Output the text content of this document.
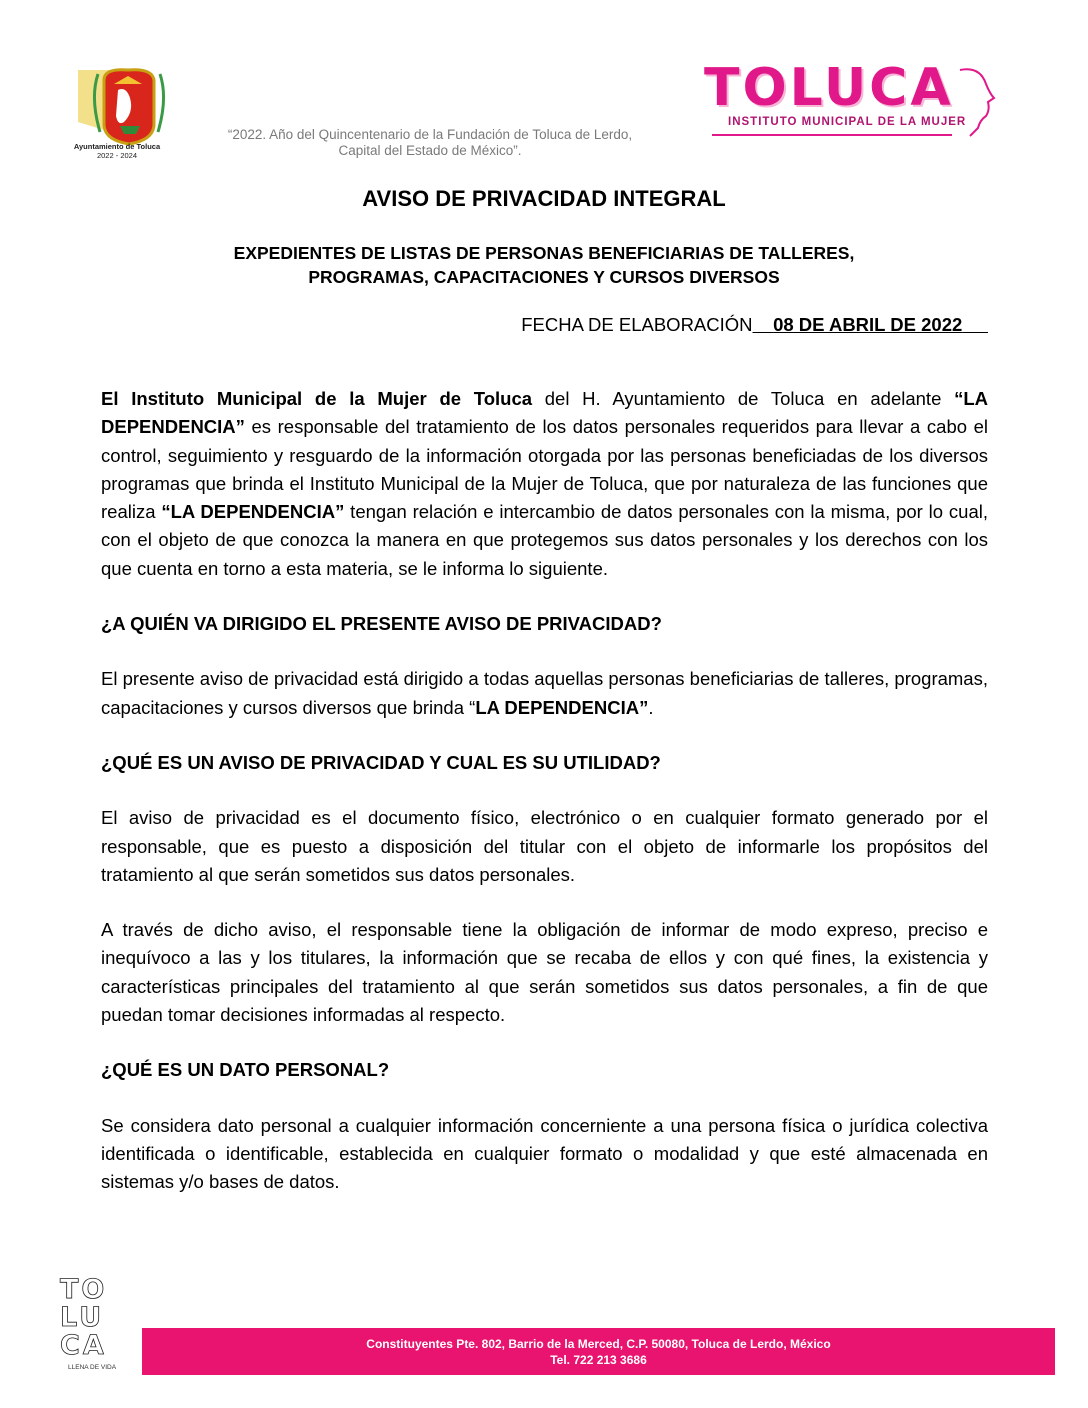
Ayuntamiento de Toluca
2022 - 2024
“2022. Año del Quincentenario de la Fundación de Toluca de Lerdo,
Capital del Estado de México”.
TOLUCA
INSTITUTO MUNICIPAL DE LA MUJER
AVISO DE PRIVACIDAD INTEGRAL
EXPEDIENTES DE LISTAS DE PERSONAS BENEFICIARIAS DE TALLERES,
PROGRAMAS, CAPACITACIONES Y CURSOS DIVERSOS
FECHA DE ELABORACIÓN 08 DE ABRIL DE 2022

El Instituto Municipal de la Mujer de Toluca del H. Ayuntamiento de Toluca en adelante “LA DEPENDENCIA” es responsable del tratamiento de los datos personales requeridos para llevar a cabo el control, seguimiento y resguardo de la información otorgada por las personas beneficiadas de los diversos programas que brinda el Instituto Municipal de la Mujer de Toluca, que por naturaleza de las funciones que realiza “LA DEPENDENCIA” tengan relación e intercambio de datos personales con la misma, por lo cual, con el objeto de que conozca la manera en que protegemos sus datos personales y los derechos con los que cuenta en torno a esta materia, se le informa lo siguiente.

¿A QUIÉN VA DIRIGIDO EL PRESENTE AVISO DE PRIVACIDAD?

El presente aviso de privacidad está dirigido a todas aquellas personas beneficiarias de talleres, programas, capacitaciones y cursos diversos que brinda “LA DEPENDENCIA”.

¿QUÉ ES UN AVISO DE PRIVACIDAD Y CUAL ES SU UTILIDAD?

El aviso de privacidad es el documento físico, electrónico o en cualquier formato generado por el responsable, que es puesto a disposición del titular con el objeto de informarle los propósitos del tratamiento al que serán sometidos sus datos personales.

A través de dicho aviso, el responsable tiene la obligación de informar de modo expreso, preciso e inequívoco a las y los titulares, la información que se recaba de ellos y con qué fines, la existencia y características principales del tratamiento al que serán sometidos sus datos personales, a fin de que puedan tomar decisiones informadas al respecto.

¿QUÉ ES UN DATO PERSONAL?

Se considera dato personal a cualquier información concerniente a una persona física o jurídica colectiva identificada o identificable, establecida en cualquier formato o modalidad y que esté almacenada en sistemas y/o bases de datos.

TO
LU
CA
LLENA DE VIDA
Constituyentes Pte. 802, Barrio de la Merced, C.P. 50080, Toluca de Lerdo, México
Tel. 722 213 3686
